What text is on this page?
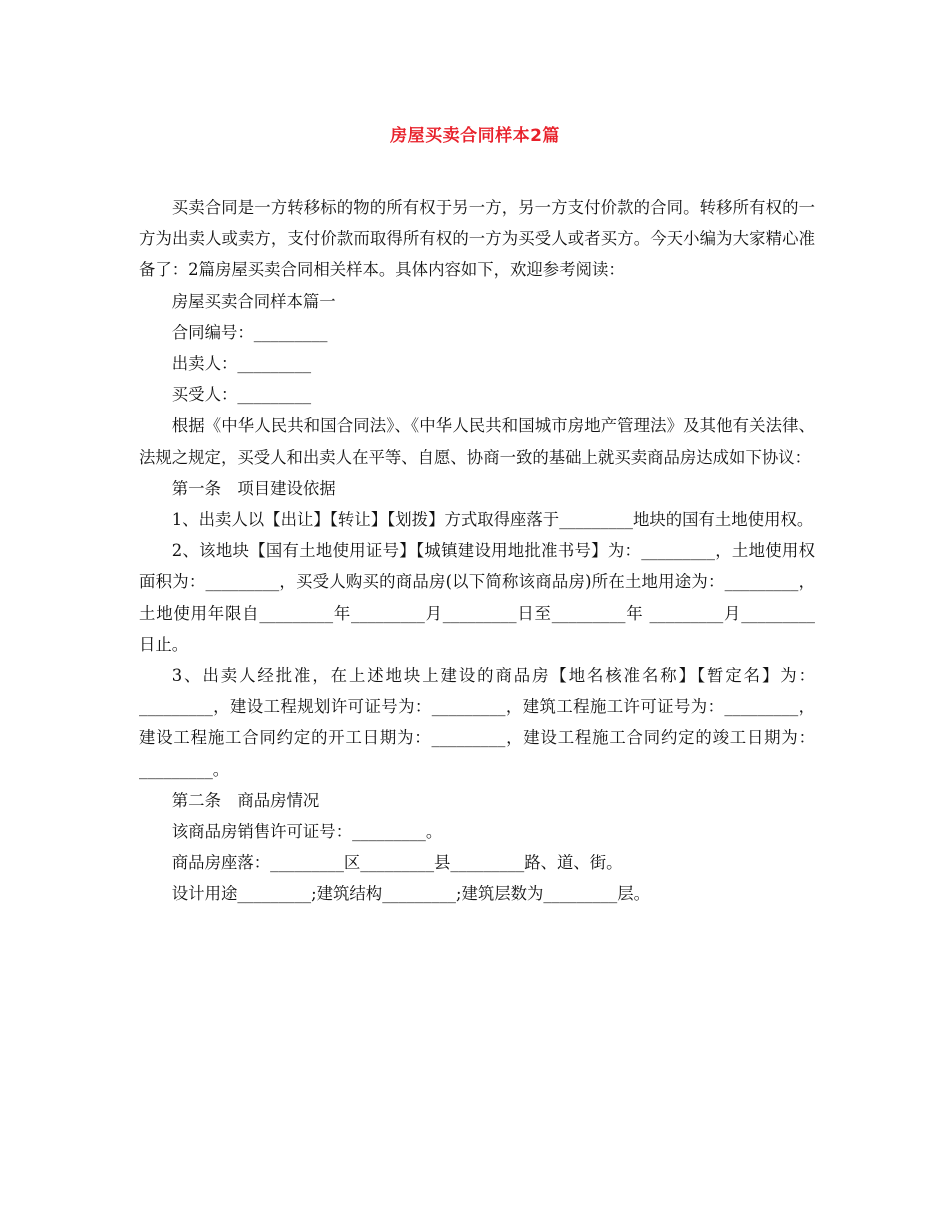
房屋买卖合同样本2篇

买卖合同是一方转移标的物的所有权于另一方，另一方支付价款的合同。转移所有权的一方为出卖人或卖方，支付价款而取得所有权的一方为买受人或者买方。今天小编为大家精心准备了：2篇房屋买卖合同相关样本。具体内容如下，欢迎参考阅读：

房屋买卖合同样本篇一

合同编号：_________

出卖人：_________

买受人：_________

根据《中华人民共和国合同法》、《中华人民共和国城市房地产管理法》及其他有关法律、法规之规定，买受人和出卖人在平等、自愿、协商一致的基础上就买卖商品房达成如下协议：

第一条　项目建设依据

1、出卖人以【出让】【转让】【划拨】方式取得座落于_________地块的国有土地使用权。

2、该地块【国有土地使用证号】【城镇建设用地批准书号】为：_________，土地使用权面积为：_________，买受人购买的商品房(以下简称该商品房)所在土地用途为：_________，土地使用年限自_________年_________月_________日至_________年 _________月_________日止。

3、出卖人经批准，在上述地块上建设的商品房【地名核准名称】【暂定名】为：_________，建设工程规划许可证号为：_________，建筑工程施工许可证号为：_________，建设工程施工合同约定的开工日期为：_________，建设工程施工合同约定的竣工日期为：_________。

第二条　商品房情况

该商品房销售许可证号：_________。

商品房座落：_________区_________县_________路、道、街。

设计用途_________;建筑结构_________;建筑层数为_________层。
